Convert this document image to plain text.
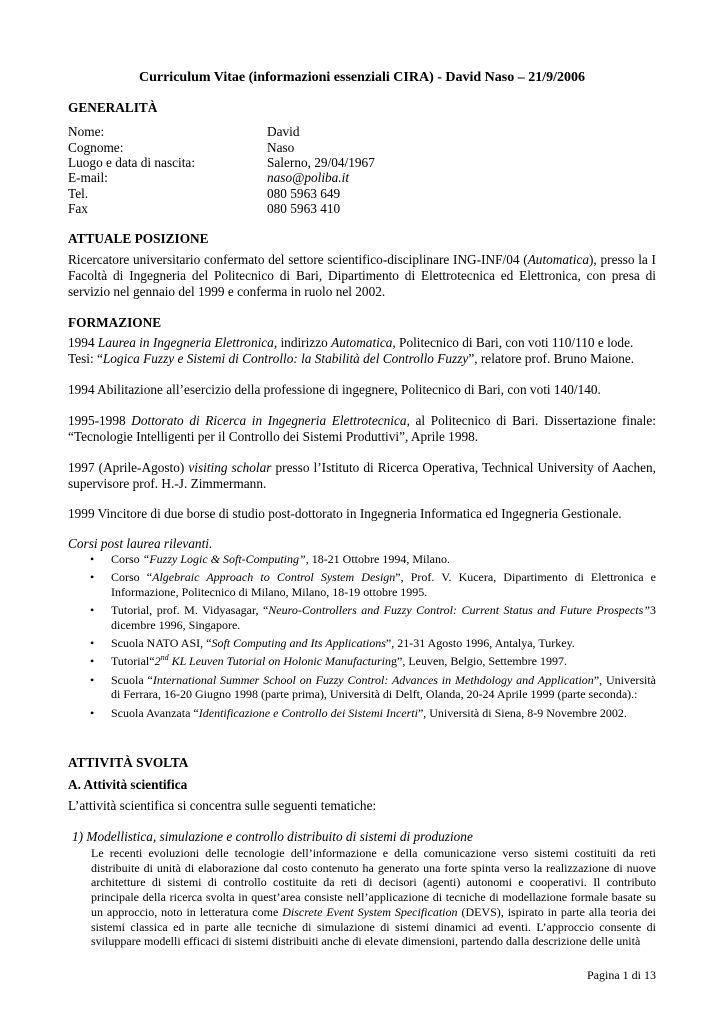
Curriculum Vitae (informazioni essenziali CIRA) - David Naso – 21/9/2006
GENERALITÀ
Nome:	David
Cognome:	Naso
Luogo e data di nascita:	Salerno, 29/04/1967
E-mail:	naso@poliba.it
Tel.	080 5963 649
Fax	080 5963 410
ATTUALE POSIZIONE
Ricercatore universitario confermato del settore scientifico-disciplinare ING-INF/04 (Automatica), presso la I Facoltà di Ingegneria del Politecnico di Bari, Dipartimento di Elettrotecnica ed Elettronica, con presa di servizio nel gennaio del 1999 e conferma in ruolo nel 2002.
FORMAZIONE
1994 Laurea in Ingegneria Elettronica, indirizzo Automatica, Politecnico di Bari, con voti 110/110 e lode.
Tesi: “Logica Fuzzy e Sistemi di Controllo: la Stabilità del Controllo Fuzzy”, relatore prof. Bruno Maione.
1994 Abilitazione all’esercizio della professione di ingegnere, Politecnico di Bari, con voti 140/140.
1995-1998 Dottorato di Ricerca in Ingegneria Elettrotecnica, al Politecnico di Bari. Dissertazione finale: “Tecnologie Intelligenti per il Controllo dei Sistemi Produttivi”, Aprile 1998.
1997 (Aprile-Agosto) visiting scholar presso l’Istituto di Ricerca Operativa, Technical University of Aachen, supervisore prof. H.-J. Zimmermann.
1999 Vincitore di due borse di studio post-dottorato in Ingegneria Informatica ed Ingegneria Gestionale.
Corsi post laurea rilevanti.
• Corso “Fuzzy Logic & Soft-Computing”, 18-21 Ottobre 1994, Milano.
• Corso “Algebraic Approach to Control System Design”, Prof. V. Kucera, Dipartimento di Elettronica e Informazione, Politecnico di Milano, Milano, 18-19 ottobre 1995.
• Tutorial, prof. M. Vidyasagar, “Neuro-Controllers and Fuzzy Control: Current Status and Future Prospects”3 dicembre 1996, Singapore.
• Scuola NATO ASI, “Soft Computing and Its Applications”, 21-31 Agosto 1996, Antalya, Turkey.
• Tutorial“2nd KL Leuven Tutorial on Holonic Manufacturing”, Leuven, Belgio, Settembre 1997.
• Scuola “International Summer School on Fuzzy Control: Advances in Methdology and Application”, Università di Ferrara, 16-20 Giugno 1998 (parte prima), Università di Delft, Olanda, 20-24 Aprile 1999 (parte seconda).:
• Scuola Avanzata “Identificazione e Controllo dei Sistemi Incerti”, Università di Siena, 8-9 Novembre 2002.
ATTIVITÀ SVOLTA
A. Attività scientifica
L’attività scientifica si concentra sulle seguenti tematiche:
1) Modellistica, simulazione e controllo distribuito di sistemi di produzione
Le recenti evoluzioni delle tecnologie dell’informazione e della comunicazione verso sistemi costituiti da reti distribuite di unità di elaborazione dal costo contenuto ha generato una forte spinta verso la realizzazione di nuove architetture di sistemi di controllo costituite da reti di decisori (agenti) autonomi e cooperativi. Il contributo principale della ricerca svolta in quest’area consiste nell’applicazione di tecniche di modellazione formale basate su un approccio, noto in letteratura come Discrete Event System Specification (DEVS), ispirato in parte alla teoria dei sistemi classica ed in parte alle tecniche di simulazione di sistemi dinamici ad eventi. L’approccio consente di sviluppare modelli efficaci di sistemi distribuiti anche di elevate dimensioni, partendo dalla descrizione delle unità
Pagina 1 di 13
